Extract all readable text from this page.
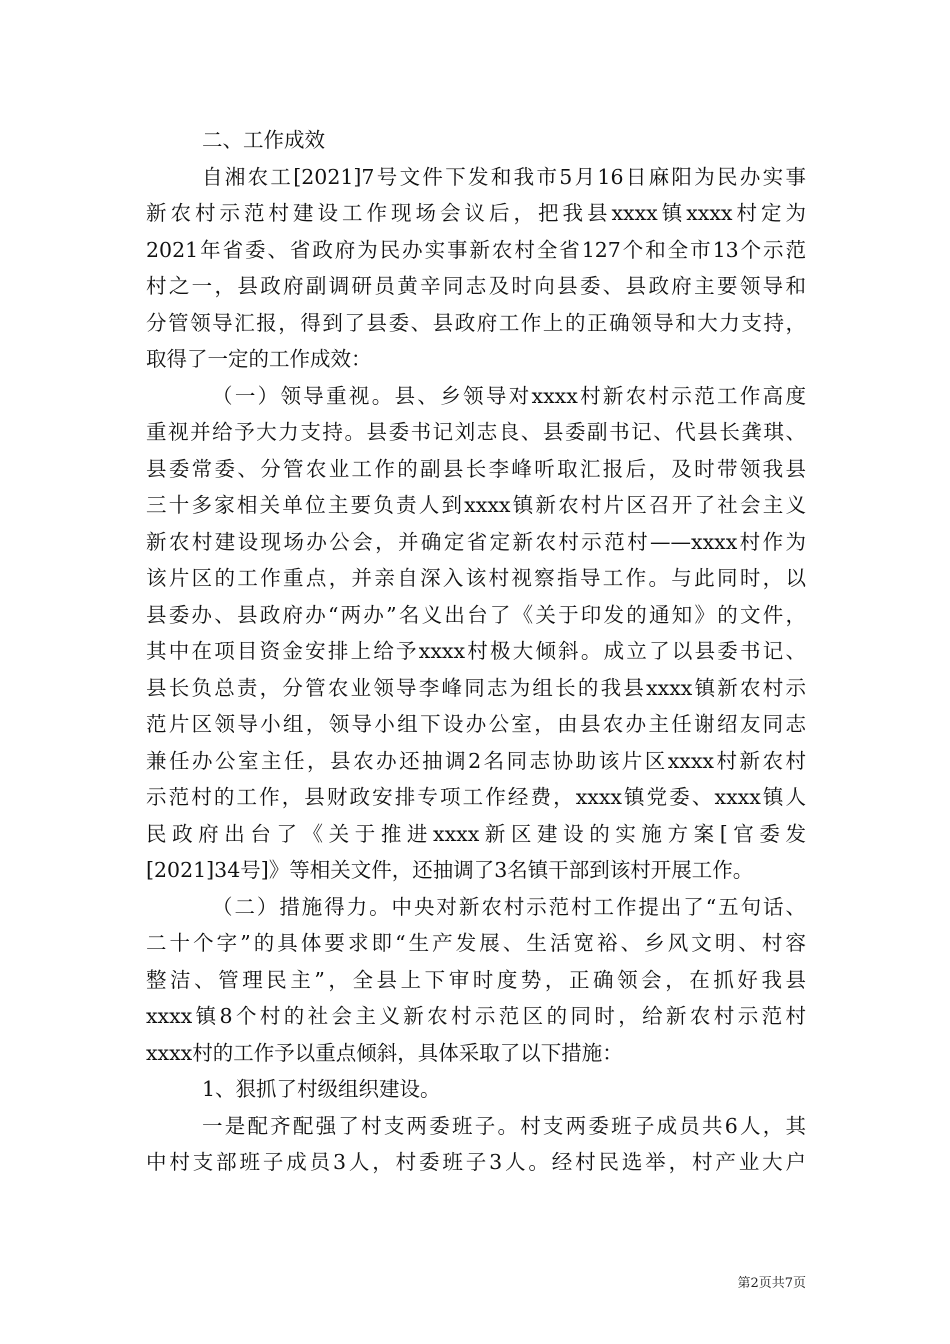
二、工作成效
自湘农工[2021]7号文件下发和我市5月16日麻阳为民办实事
新农村示范村建设工作现场会议后，把我县xxxx镇xxxx村定为
2021年省委、省政府为民办实事新农村全省127个和全市13个示范
村之一，县政府副调研员黄辛同志及时向县委、县政府主要领导和
分管领导汇报，得到了县委、县政府工作上的正确领导和大力支持，
取得了一定的工作成效：
（一）领导重视。县、乡领导对xxxx村新农村示范工作高度
重视并给予大力支持。县委书记刘志良、县委副书记、代县长龚琪、
县委常委、分管农业工作的副县长李峰听取汇报后，及时带领我县
三十多家相关单位主要负责人到xxxx镇新农村片区召开了社会主义
新农村建设现场办公会，并确定省定新农村示范村——xxxx村作为
该片区的工作重点，并亲自深入该村视察指导工作。与此同时，以
县委办、县政府办“两办”名义出台了《关于印发的通知》的文件，
其中在项目资金安排上给予xxxx村极大倾斜。成立了以县委书记、
县长负总责，分管农业领导李峰同志为组长的我县xxxx镇新农村示
范片区领导小组，领导小组下设办公室，由县农办主任谢绍友同志
兼任办公室主任，县农办还抽调2名同志协助该片区xxxx村新农村
示范村的工作，县财政安排专项工作经费，xxxx镇党委、xxxx镇人
民政府出台了《关于推进xxxx新区建设的实施方案[官委发
[2021]34号]》等相关文件，还抽调了3名镇干部到该村开展工作。
（二）措施得力。中央对新农村示范村工作提出了“五句话、
二十个字”的具体要求即“生产发展、生活宽裕、乡风文明、村容
整洁、管理民主”，全县上下审时度势，正确领会，在抓好我县
xxxx镇8个村的社会主义新农村示范区的同时，给新农村示范村
xxxx村的工作予以重点倾斜，具体采取了以下措施：
1、狠抓了村级组织建设。
一是配齐配强了村支两委班子。村支两委班子成员共6人，其
中村支部班子成员3人，村委班子3人。经村民选举，村产业大户
第2页共7页
